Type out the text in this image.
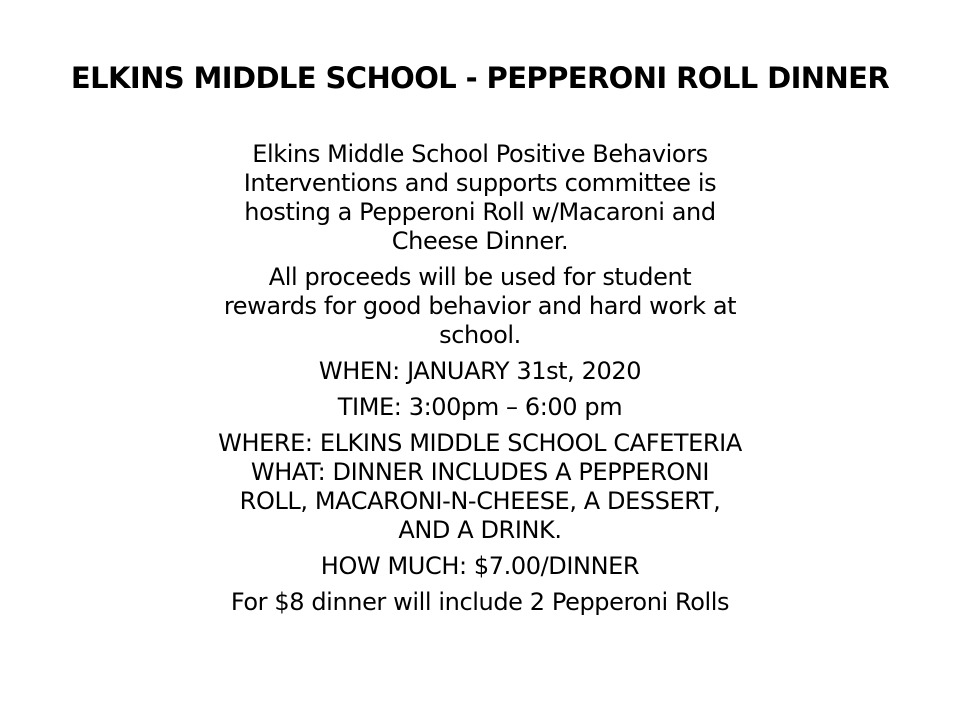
ELKINS MIDDLE SCHOOL - PEPPERONI ROLL DINNER

Elkins Middle School Positive Behaviors
Interventions and supports committee is
hosting a Pepperoni Roll w/Macaroni and
Cheese Dinner.

All proceeds will be used for student
rewards for good behavior and hard work at
school.

WHEN: JANUARY 31st, 2020

TIME: 3:00pm – 6:00 pm

WHERE: ELKINS MIDDLE SCHOOL CAFETERIA

WHAT: DINNER INCLUDES A PEPPERONI
ROLL, MACARONI-N-CHEESE, A DESSERT,
AND A DRINK.

HOW MUCH: $7.00/DINNER

For $8 dinner will include 2 Pepperoni Rolls
